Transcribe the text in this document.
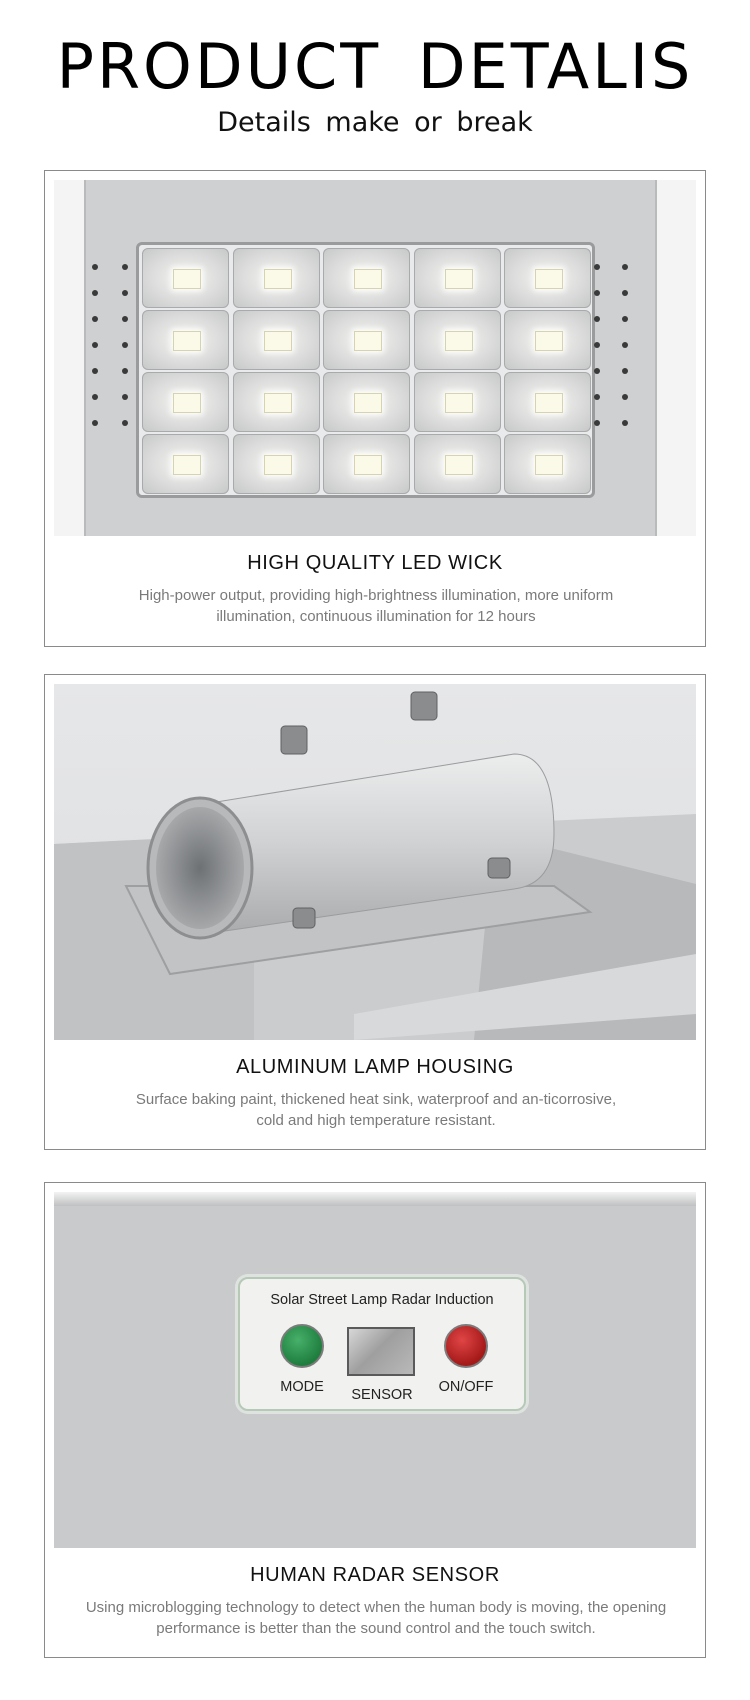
PRODUCT DETALIS
Details make or break
HIGH QUALITY LED WICK
High-power output, providing high-brightness illumination, more uniform illumination, continuous illumination for 12 hours
ALUMINUM LAMP HOUSING
Surface baking paint, thickened heat sink, waterproof and an-ticorrosive, cold and high temperature resistant.
Solar Street Lamp Radar Induction
MODE	SENSOR	ON/OFF
HUMAN RADAR SENSOR
Using microblogging technology to detect when the human body is moving, the opening performance is better than the sound control and the touch switch.
